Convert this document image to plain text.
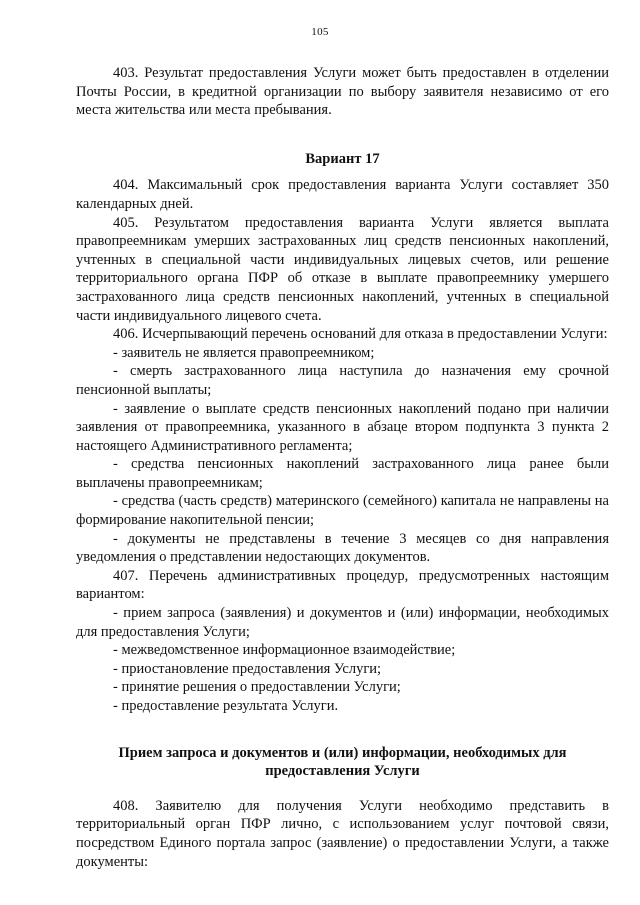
105

403. Результат предоставления Услуги может быть предоставлен в отделении Почты России, в кредитной организации по выбору заявителя независимо от его места жительства или места пребывания.

Вариант 17

404. Максимальный срок предоставления варианта Услуги составляет 350 календарных дней.

405. Результатом предоставления варианта Услуги является выплата правопреемникам умерших застрахованных лиц средств пенсионных накоплений, учтенных в специальной части индивидуальных лицевых счетов, или решение территориального органа ПФР об отказе в выплате правопреемнику умершего застрахованного лица средств пенсионных накоплений, учтенных в специальной части индивидуального лицевого счета.

406. Исчерпывающий перечень оснований для отказа в предоставлении Услуги:

- заявитель не является правопреемником;

- смерть застрахованного лица наступила до назначения ему срочной пенсионной выплаты;

- заявление о выплате средств пенсионных накоплений подано при наличии заявления от правопреемника, указанного в абзаце втором подпункта 3 пункта 2 настоящего Административного регламента;

- средства пенсионных накоплений застрахованного лица ранее были выплачены правопреемникам;

- средства (часть средств) материнского (семейного) капитала не направлены на формирование накопительной пенсии;

- документы не представлены в течение 3 месяцев со дня направления уведомления о представлении недостающих документов.

407. Перечень административных процедур, предусмотренных настоящим вариантом:

- прием запроса (заявления) и документов и (или) информации, необходимых для предоставления Услуги;

- межведомственное информационное взаимодействие;

- приостановление предоставления Услуги;

- принятие решения о предоставлении Услуги;

- предоставление результата Услуги.

Прием запроса и документов и (или) информации, необходимых для предоставления Услуги

408. Заявителю для получения Услуги необходимо представить в территориальный орган ПФР лично, с использованием услуг почтовой связи, посредством Единого портала запрос (заявление) о предоставлении Услуги, а также документы:
